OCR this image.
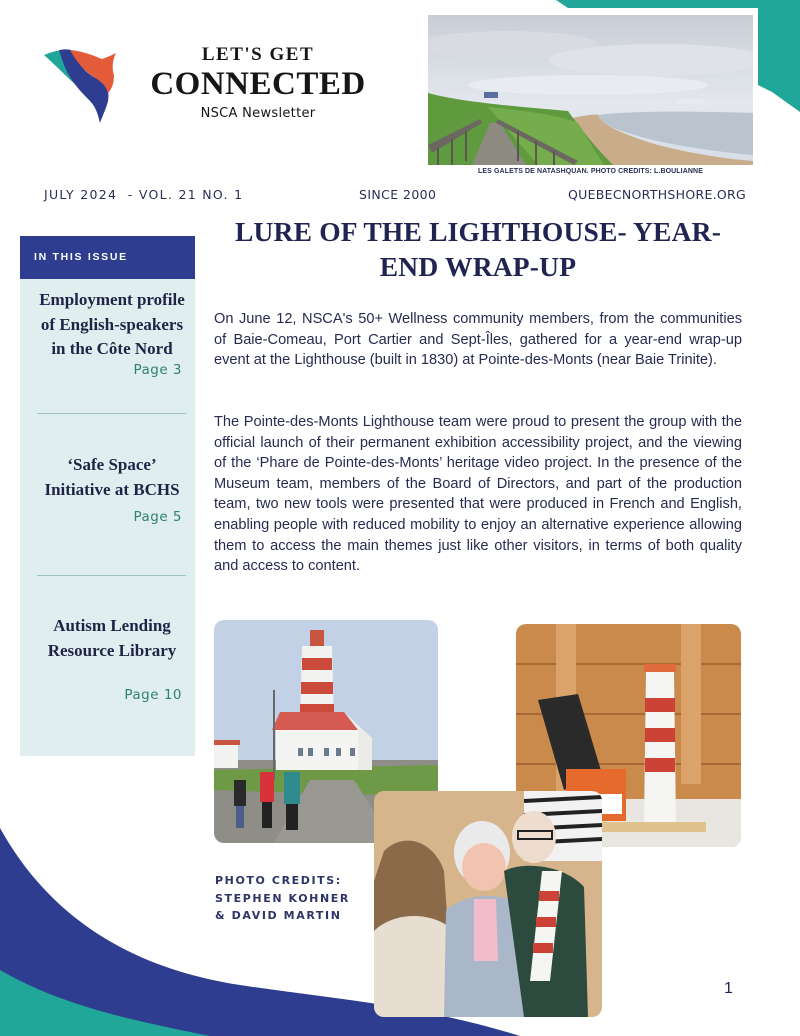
LET'S GET
CONNECTED
NSCA Newsletter
LES GALETS DE NATASHQUAN. PHOTO CREDITS: L.BOULIANNE
JULY 2024  - VOL. 21 NO. 1	SINCE 2000	QUEBECNORTHSHORE.ORG
IN THIS ISSUE
Employment profile of English-speakers in the Côte Nord
Page 3
‘Safe Space’ Initiative at BCHS
Page 5
Autism Lending Resource Library
Page 10
LURE OF THE LIGHTHOUSE- YEAR-END WRAP-UP

On June 12, NSCA's 50+ Wellness community members, from the communities of Baie-Comeau, Port Cartier and Sept-Îles, gathered for a year-end wrap-up event at the Lighthouse (built in 1830) at Pointe-des-Monts (near Baie Trinite).

The Pointe-des-Monts Lighthouse team were proud to present the group with the official launch of their permanent exhibition accessibility project, and the viewing of the ‘Phare de Pointe-des-Monts’ heritage video project. In the presence of the Museum team, members of the Board of Directors, and part of the production team, two new tools were presented that were produced in French and English, enabling people with reduced mobility to enjoy an alternative experience allowing them to access the main themes just like other visitors, in terms of both quality and access to content.

PHOTO CREDITS:
STEPHEN KOHNER
& DAVID MARTIN
1
